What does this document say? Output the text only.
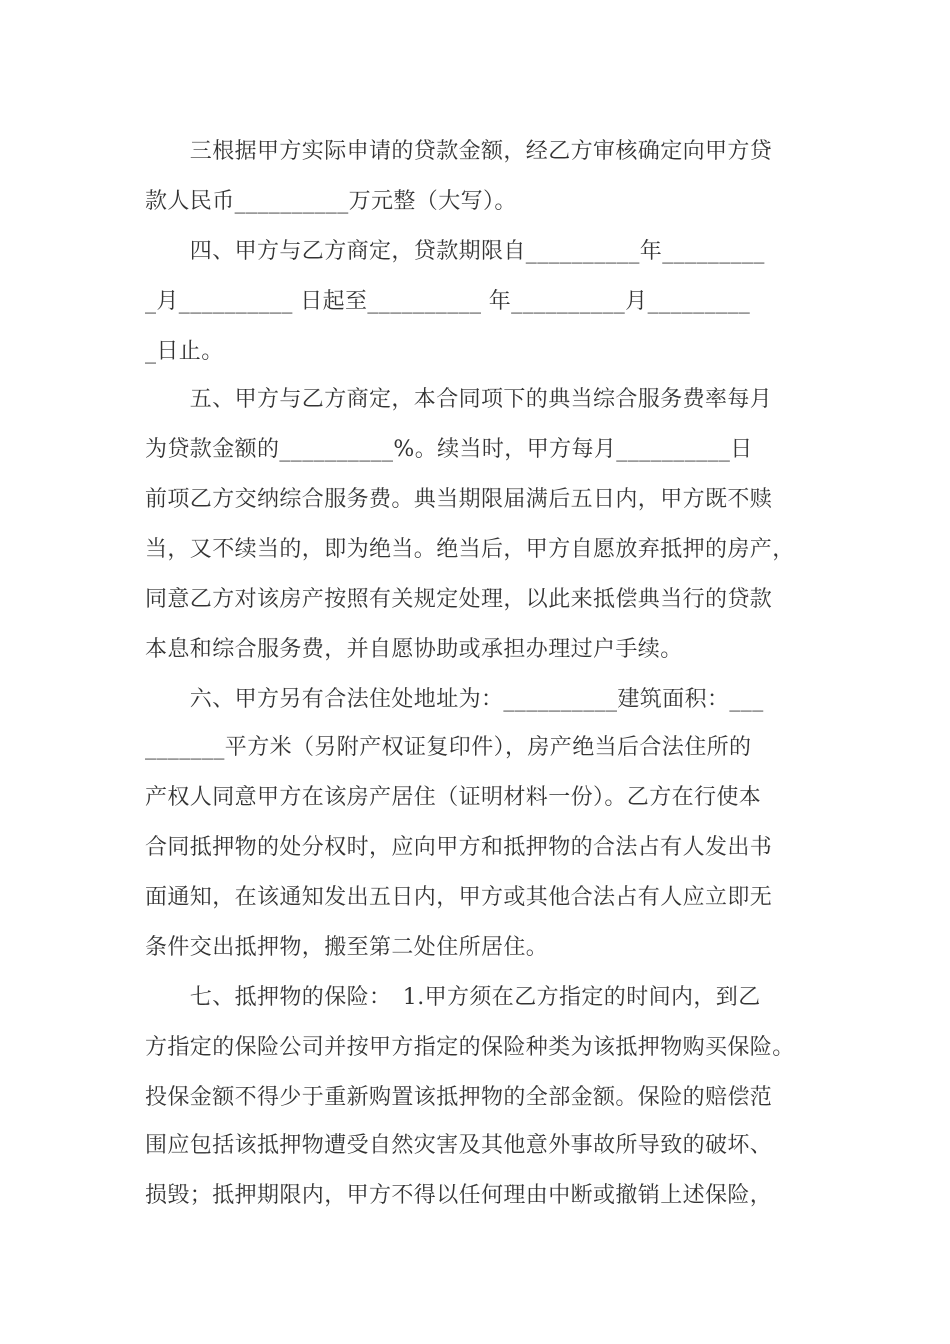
　　三根据甲方实际申请的贷款金额，经乙方审核确定向甲方贷
款人民币__________万元整（大写）。
　　四、甲方与乙方商定，贷款期限自__________年_________
_月__________ 日起至__________ 年__________月_________
_日止。
　　五、甲方与乙方商定，本合同项下的典当综合服务费率每月
为贷款金额的__________%。续当时，甲方每月__________日
前项乙方交纳综合服务费。典当期限届满后五日内，甲方既不赎
当，又不续当的，即为绝当。绝当后，甲方自愿放弃抵押的房产，
同意乙方对该房产按照有关规定处理，以此来抵偿典当行的贷款
本息和综合服务费，并自愿协助或承担办理过户手续。
　　六、甲方另有合法住处地址为：__________建筑面积：___
_______平方米（另附产权证复印件），房产绝当后合法住所的
产权人同意甲方在该房产居住（证明材料一份）。乙方在行使本
合同抵押物的处分权时，应向甲方和抵押物的合法占有人发出书
面通知，在该通知发出五日内，甲方或其他合法占有人应立即无
条件交出抵押物，搬至第二处住所居住。
　　七、抵押物的保险：　1.甲方须在乙方指定的时间内，到乙
方指定的保险公司并按甲方指定的保险种类为该抵押物购买保险。
投保金额不得少于重新购置该抵押物的全部金额。保险的赔偿范
围应包括该抵押物遭受自然灾害及其他意外事故所导致的破坏、
损毁；抵押期限内，甲方不得以任何理由中断或撤销上述保险，
